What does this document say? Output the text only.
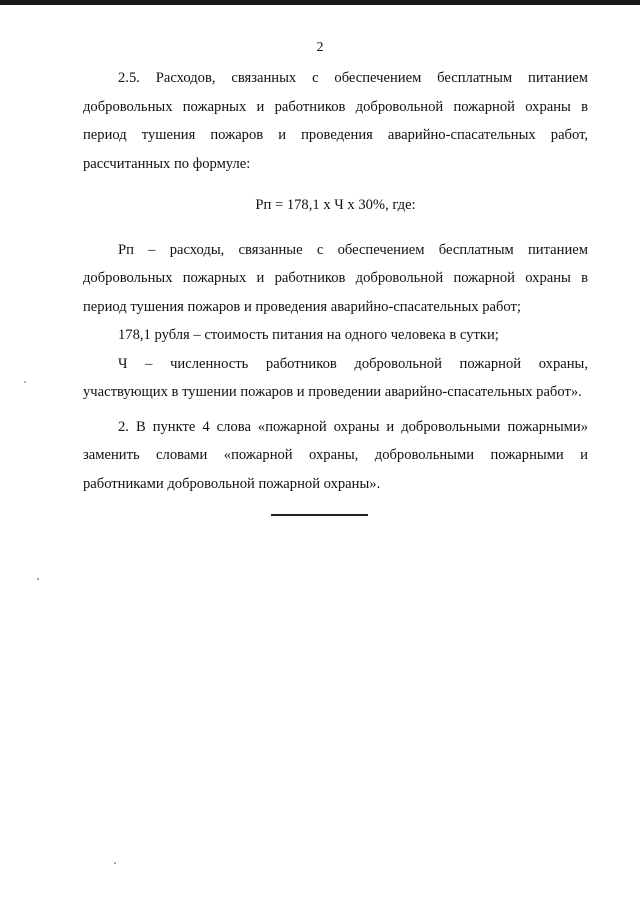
2

2.5. Расходов, связанных с обеспечением бесплатным питанием добровольных пожарных и работников добровольной пожарной охраны в период тушения пожаров и проведения аварийно-спасательных работ, рассчитанных по формуле:

Рп = 178,1 х Ч х 30%, где:

Рп – расходы, связанные с обеспечением бесплатным питанием добровольных пожарных и работников добровольной пожарной охраны в период тушения пожаров и проведения аварийно-спасательных работ;

178,1 рубля – стоимость питания на одного человека в сутки;

Ч – численность работников добровольной пожарной охраны, участвующих в тушении пожаров и проведении аварийно-спасательных работ».

2. В пункте 4 слова «пожарной охраны и добровольными пожарными» заменить словами «пожарной охраны, добровольными пожарными и работниками добровольной пожарной охраны».
